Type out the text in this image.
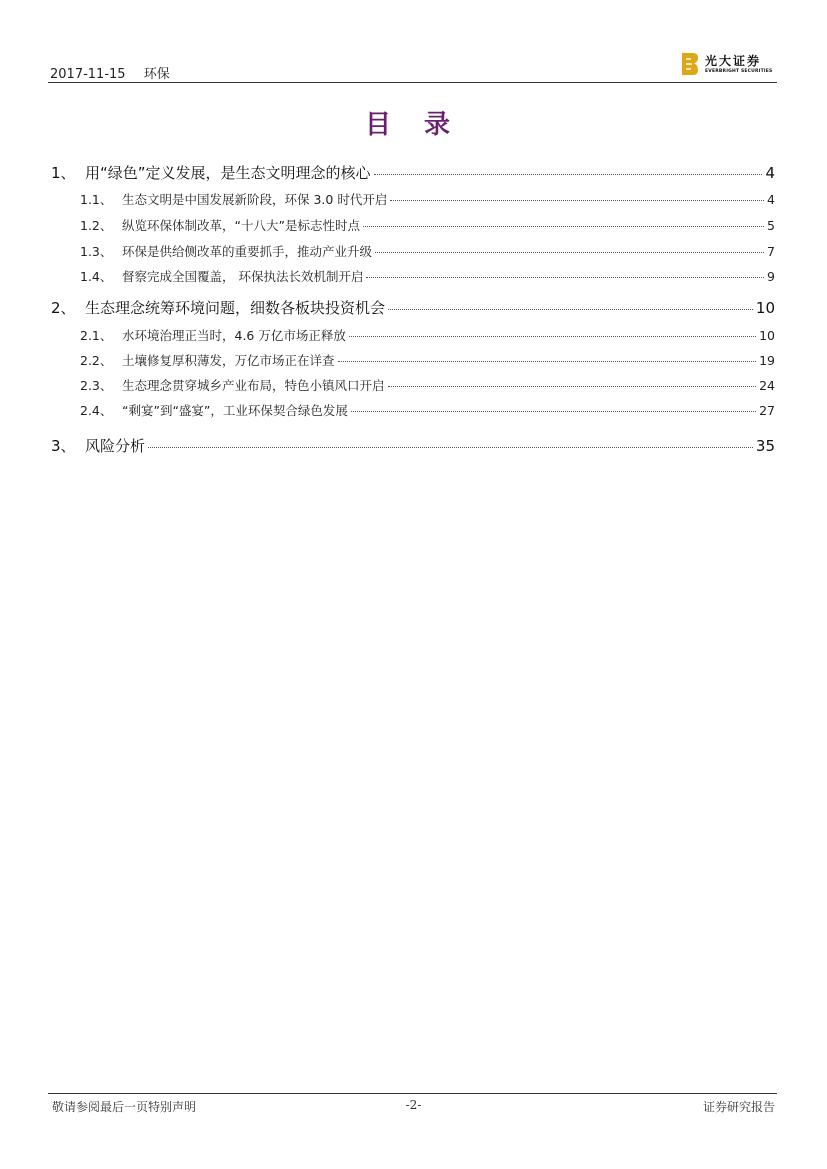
2017-11-15 环保
光大证券
EVERBRIGHT SECURITIES
目 录
1、 用“绿色”定义发展，是生态文明理念的核心	4
1.1、 生态文明是中国发展新阶段，环保 3.0 时代开启	4
1.2、 纵览环保体制改革，“十八大”是标志性时点	5
1.3、 环保是供给侧改革的重要抓手，推动产业升级	7
1.4、 督察完成全国覆盖， 环保执法长效机制开启	9
2、 生态理念统筹环境问题，细数各板块投资机会	10
2.1、 水环境治理正当时，4.6 万亿市场正释放	10
2.2、 土壤修复厚积薄发，万亿市场正在详查	19
2.3、 生态理念贯穿城乡产业布局，特色小镇风口开启	24
2.4、 “剩宴”到“盛宴”，工业环保契合绿色发展	27
3、 风险分析	35
敬请参阅最后一页特别声明	-2-	证券研究报告
